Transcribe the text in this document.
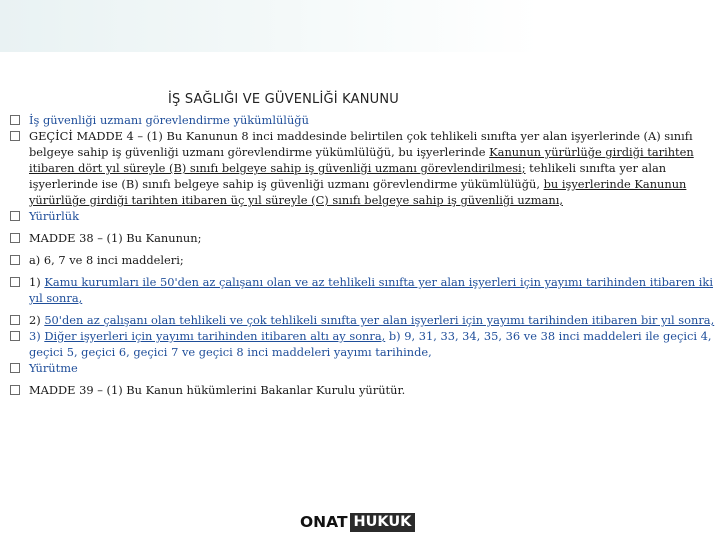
İŞ SAĞLIĞI VE GÜVENLİĞİ KANUNU
İş güvenliği uzmanı görevlendirme yükümlülüğü
GEÇİCİ MADDE 4 – (1) Bu Kanunun 8 inci maddesinde belirtilen çok tehlikeli sınıfta yer alan işyerlerinde (A) sınıfı belgeye sahip iş güvenliği uzmanı görevlendirme yükümlülüğü, bu işyerlerinde Kanunun yürürlüğe girdiği tarihten itibaren dört yıl süreyle (B) sınıfı belgeye sahip iş güvenliği uzmanı görevlendirilmesi; tehlikeli sınıfta yer alan işyerlerinde ise (B) sınıfı belgeye sahip iş güvenliği uzmanı görevlendirme yükümlülüğü, bu işyerlerinde Kanunun yürürlüğe girdiği tarihten itibaren üç yıl süreyle (C) sınıfı belgeye sahip iş güvenliği uzmanı,
Yürürlük
MADDE 38 – (1) Bu Kanunun;
a) 6, 7 ve 8 inci maddeleri;
1) Kamu kurumları ile 50'den az çalışanı olan ve az tehlikeli sınıfta yer alan işyerleri için yayımı tarihinden itibaren iki yıl sonra,
2) 50'den az çalışanı olan tehlikeli ve çok tehlikeli sınıfta yer alan işyerleri için yayımı tarihinden itibaren bir yıl sonra,
3) Diğer işyerleri için yayımı tarihinden itibaren altı ay sonra, b) 9, 31, 33, 34, 35, 36 ve 38 inci maddeleri ile geçici 4, geçici 5, geçici 6, geçici 7 ve geçici 8 inci maddeleri yayımı tarihinde,
Yürütme
MADDE 39 – (1) Bu Kanun hükümlerini Bakanlar Kurulu yürütür.
ONAT HUKUK
